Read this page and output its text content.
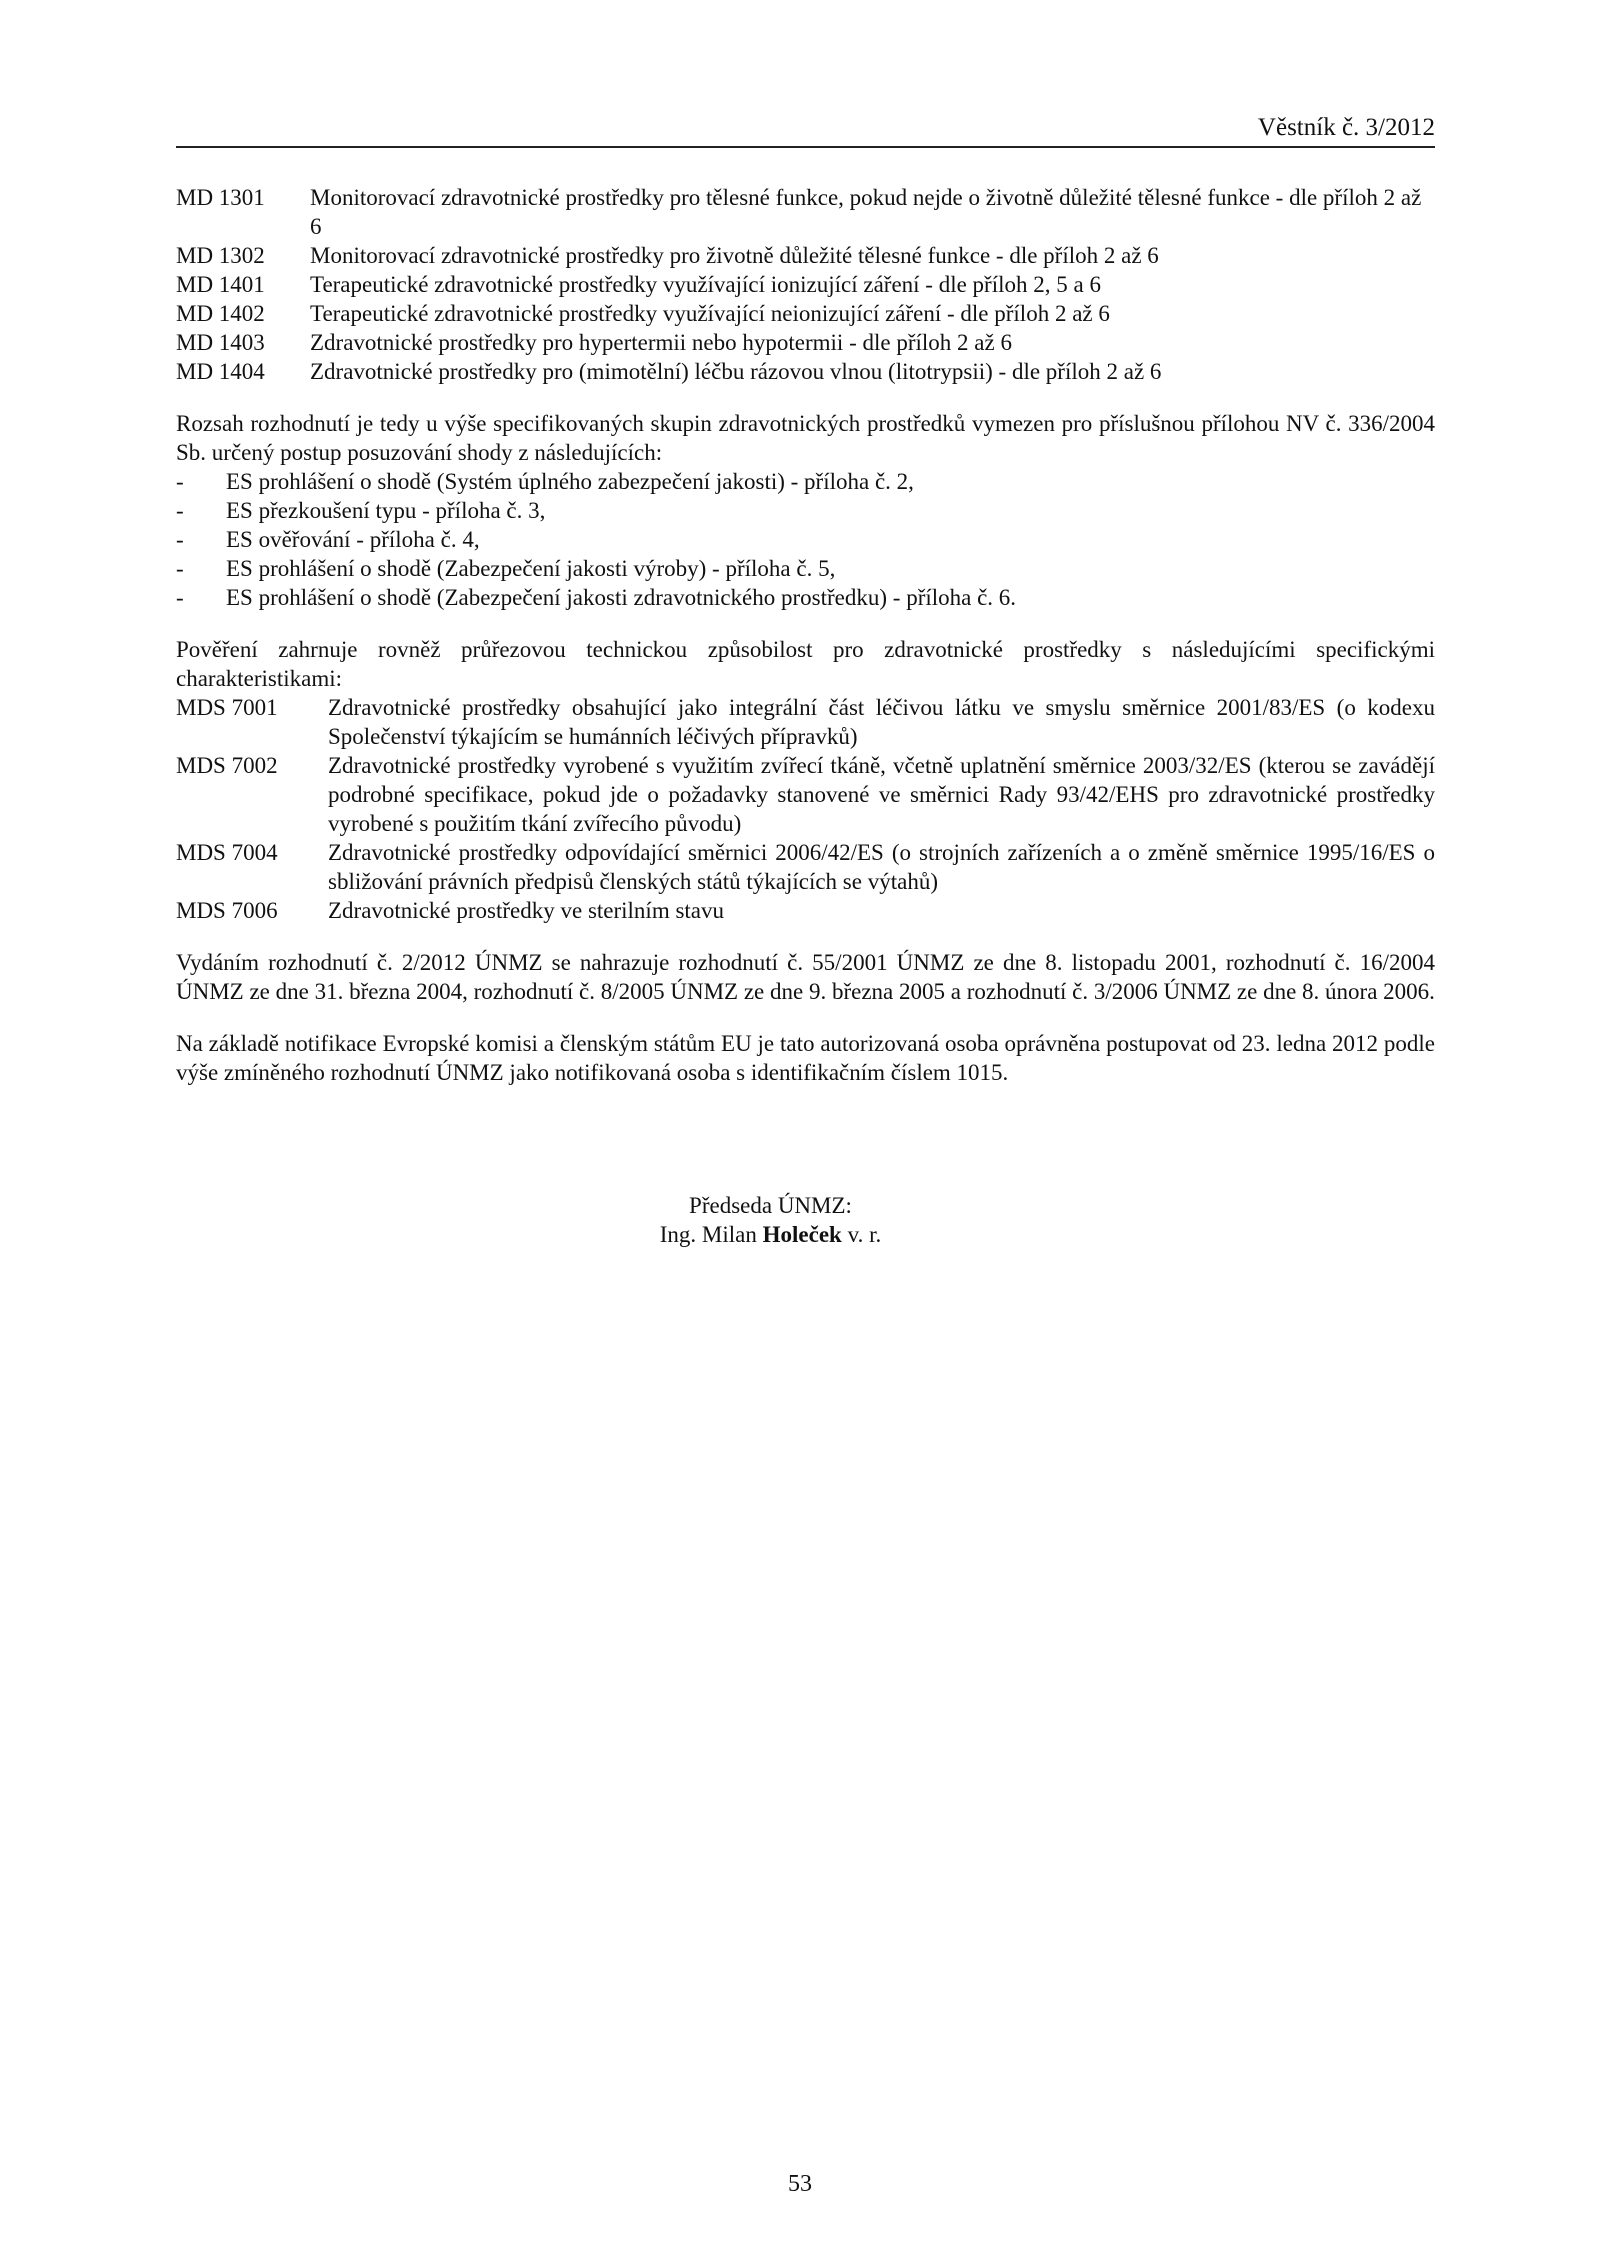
Věstník č. 3/2012
MD 1301	Monitorovací zdravotnické prostředky pro tělesné funkce, pokud nejde o životně důležité tělesné funkce - dle příloh 2 až 6
MD 1302	Monitorovací zdravotnické prostředky pro životně důležité tělesné funkce - dle příloh 2 až 6
MD 1401	Terapeutické zdravotnické prostředky využívající ionizující záření - dle příloh 2, 5 a 6
MD 1402	Terapeutické zdravotnické prostředky využívající neionizující záření - dle příloh 2 až 6
MD 1403	Zdravotnické prostředky pro hypertermii nebo hypotermii - dle příloh 2 až 6
MD 1404	Zdravotnické prostředky pro (mimotělní) léčbu rázovou vlnou (litotrypsii) - dle příloh 2 až 6

Rozsah rozhodnutí je tedy u výše specifikovaných skupin zdravotnických prostředků vymezen pro příslušnou přílohou NV č. 336/2004 Sb. určený postup posuzování shody z následujících:

-	ES prohlášení o shodě (Systém úplného zabezpečení jakosti) - příloha č. 2,
-	ES přezkoušení typu - příloha č. 3,
-	ES ověřování - příloha č. 4,
-	ES prohlášení o shodě (Zabezpečení jakosti výroby) - příloha č. 5,
-	ES prohlášení o shodě (Zabezpečení jakosti zdravotnického prostředku) - příloha č. 6.

Pověření zahrnuje rovněž průřezovou technickou způsobilost pro zdravotnické prostředky s následujícími specifickými charakteristikami:

MDS 7001	Zdravotnické prostředky obsahující jako integrální část léčivou látku ve smyslu směrnice 2001/83/ES (o kodexu Společenství týkajícím se humánních léčivých přípravků)
MDS 7002	Zdravotnické prostředky vyrobené s využitím zvířecí tkáně, včetně uplatnění směrnice 2003/32/ES (kterou se zavádějí podrobné specifikace, pokud jde o požadavky stanovené ve směrnici Rady 93/42/EHS pro zdravotnické prostředky vyrobené s použitím tkání zvířecího původu)
MDS 7004	Zdravotnické prostředky odpovídající směrnici 2006/42/ES (o strojních zařízeních a o změně směrnice 1995/16/ES o sbližování právních předpisů členských států týkajících se výtahů)
MDS 7006	Zdravotnické prostředky ve sterilním stavu

Vydáním rozhodnutí č. 2/2012 ÚNMZ se nahrazuje rozhodnutí č. 55/2001 ÚNMZ ze dne 8. listopadu 2001, rozhodnutí č. 16/2004 ÚNMZ ze dne 31. března 2004, rozhodnutí č. 8/2005 ÚNMZ ze dne 9. března 2005 a rozhodnutí č. 3/2006 ÚNMZ ze dne 8. února 2006.

Na základě notifikace Evropské komisi a členským státům EU je tato autorizovaná osoba oprávněna postupovat od 23. ledna 2012 podle výše zmíněného rozhodnutí ÚNMZ jako notifikovaná osoba s identifikačním číslem 1015.

Předseda ÚNMZ:
Ing. Milan Holeček v. r.
53
